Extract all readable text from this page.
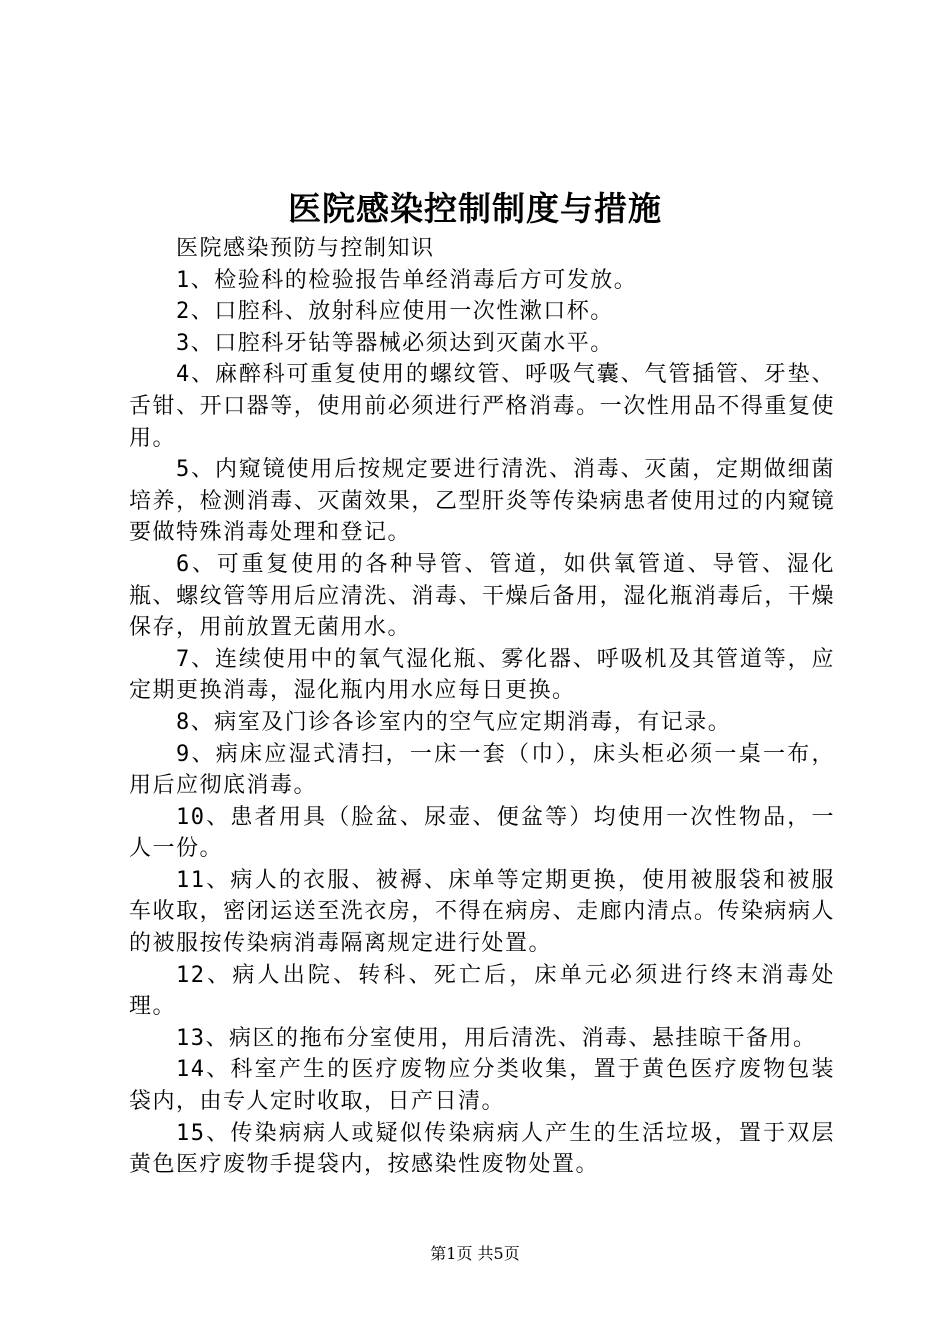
医院感染控制制度与措施

医院感染预防与控制知识

1、检验科的检验报告单经消毒后方可发放。

2、口腔科、放射科应使用一次性漱口杯。

3、口腔科牙钻等器械必须达到灭菌水平。

4、麻醉科可重复使用的螺纹管、呼吸气囊、气管插管、牙垫、舌钳、开口器等，使用前必须进行严格消毒。一次性用品不得重复使用。

5、内窥镜使用后按规定要进行清洗、消毒、灭菌，定期做细菌培养，检测消毒、灭菌效果，乙型肝炎等传染病患者使用过的内窥镜要做特殊消毒处理和登记。

6、可重复使用的各种导管、管道，如供氧管道、导管、湿化瓶、螺纹管等用后应清洗、消毒、干燥后备用，湿化瓶消毒后，干燥保存，用前放置无菌用水。

7、连续使用中的氧气湿化瓶、雾化器、呼吸机及其管道等，应定期更换消毒，湿化瓶内用水应每日更换。

8、病室及门诊各诊室内的空气应定期消毒，有记录。

9、病床应湿式清扫，一床一套（巾），床头柜必须一桌一布，用后应彻底消毒。

10、患者用具（脸盆、尿壶、便盆等）均使用一次性物品，一人一份。

11、病人的衣服、被褥、床单等定期更换，使用被服袋和被服车收取，密闭运送至洗衣房，不得在病房、走廊内清点。传染病病人的被服按传染病消毒隔离规定进行处置。

12、病人出院、转科、死亡后，床单元必须进行终末消毒处理。

13、病区的拖布分室使用，用后清洗、消毒、悬挂晾干备用。

14、科室产生的医疗废物应分类收集，置于黄色医疗废物包装袋内，由专人定时收取，日产日清。

15、传染病病人或疑似传染病病人产生的生活垃圾，置于双层黄色医疗废物手提袋内，按感染性废物处置。

第1页 共5页
